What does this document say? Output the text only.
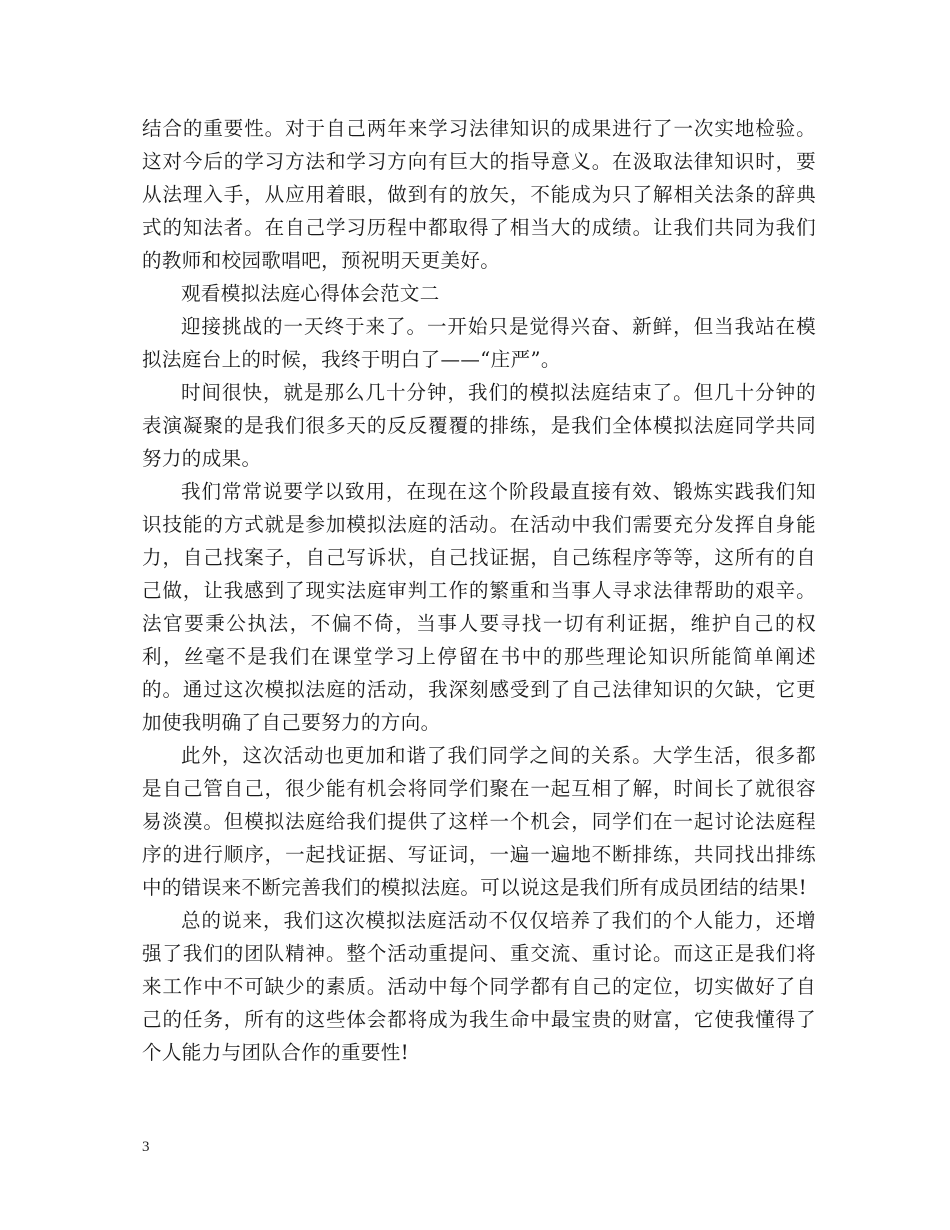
结合的重要性。对于自己两年来学习法律知识的成果进行了一次实地检验。这对今后的学习方法和学习方向有巨大的指导意义。在汲取法律知识时，要从法理入手，从应用着眼，做到有的放矢，不能成为只了解相关法条的辞典式的知法者。在自己学习历程中都取得了相当大的成绩。让我们共同为我们的教师和校园歌唱吧，预祝明天更美好。

观看模拟法庭心得体会范文二

迎接挑战的一天终于来了。一开始只是觉得兴奋、新鲜，但当我站在模拟法庭台上的时候，我终于明白了——“庄严”。

时间很快，就是那么几十分钟，我们的模拟法庭结束了。但几十分钟的表演凝聚的是我们很多天的反反覆覆的排练，是我们全体模拟法庭同学共同努力的成果。

我们常常说要学以致用，在现在这个阶段最直接有效、锻炼实践我们知识技能的方式就是参加模拟法庭的活动。在活动中我们需要充分发挥自身能力，自己找案子，自己写诉状，自己找证据，自己练程序等等，这所有的自己做，让我感到了现实法庭审判工作的繁重和当事人寻求法律帮助的艰辛。法官要秉公执法，不偏不倚，当事人要寻找一切有利证据，维护自己的权利，丝毫不是我们在课堂学习上停留在书中的那些理论知识所能简单阐述的。通过这次模拟法庭的活动，我深刻感受到了自己法律知识的欠缺，它更加使我明确了自己要努力的方向。

此外，这次活动也更加和谐了我们同学之间的关系。大学生活，很多都是自己管自己，很少能有机会将同学们聚在一起互相了解，时间长了就很容易淡漠。但模拟法庭给我们提供了这样一个机会，同学们在一起讨论法庭程序的进行顺序，一起找证据、写证词，一遍一遍地不断排练，共同找出排练中的错误来不断完善我们的模拟法庭。可以说这是我们所有成员团结的结果!

总的说来，我们这次模拟法庭活动不仅仅培养了我们的个人能力，还增强了我们的团队精神。整个活动重提问、重交流、重讨论。而这正是我们将来工作中不可缺少的素质。活动中每个同学都有自己的定位，切实做好了自己的任务，所有的这些体会都将成为我生命中最宝贵的财富，它使我懂得了个人能力与团队合作的重要性!

3
